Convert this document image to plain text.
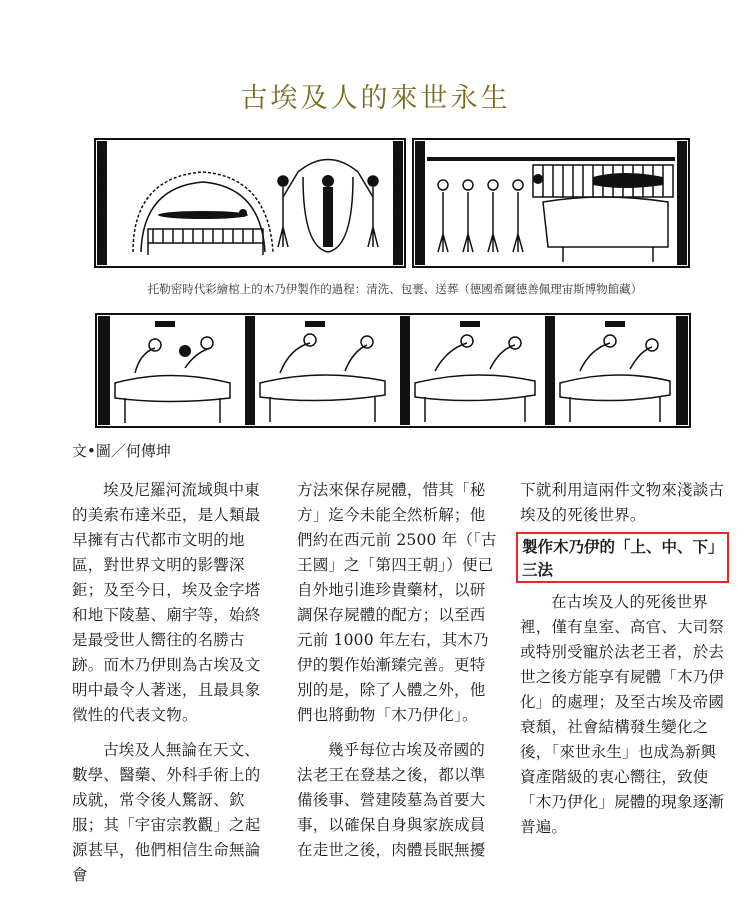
古埃及人的來世永生
托勒密時代彩繪棺上的木乃伊製作的過程：清洗、包裹、送葬（德國希爾德善佩理宙斯博物館藏）
文•圖／何傳坤

埃及尼羅河流域與中東的美索布達米亞，是人類最早擁有古代都市文明的地區，對世界文明的影響深鉅；及至今日，埃及金字塔和地下陵墓、廟宇等，始終是最受世人嚮往的名勝古跡。而木乃伊則為古埃及文明中最令人著迷，且最具象徵性的代表文物。

古埃及人無論在天文、數學、醫藥、外科手術上的成就，常令後人驚訝、欽服；其「宇宙宗教觀」之起源甚早，他們相信生命無論會

方法來保存屍體，惜其「秘方」迄今未能全然析解；他們約在西元前 2500 年（「古王國」之「第四王朝」）便已自外地引進珍貴藥材，以研調保存屍體的配方；以至西元前 1000 年左右，其木乃伊的製作始漸臻完善。更特別的是，除了人體之外，他們也將動物「木乃伊化」。

幾乎每位古埃及帝國的法老王在登基之後，都以準備後事、營建陵墓為首要大事，以確保自身與家族成員在走世之後，肉體長眠無擾

下就利用這兩件文物來淺談古埃及的死後世界。

製作木乃伊的「上、中、下」三法

在古埃及人的死後世界裡，僅有皇室、高官、大司祭或特別受寵於法老王者，於去世之後方能享有屍體「木乃伊化」的處理；及至古埃及帝國衰頹，社會結構發生變化之後，「來世永生」也成為新興資產階級的衷心嚮往，致使「木乃伊化」屍體的現象逐漸普遍。
